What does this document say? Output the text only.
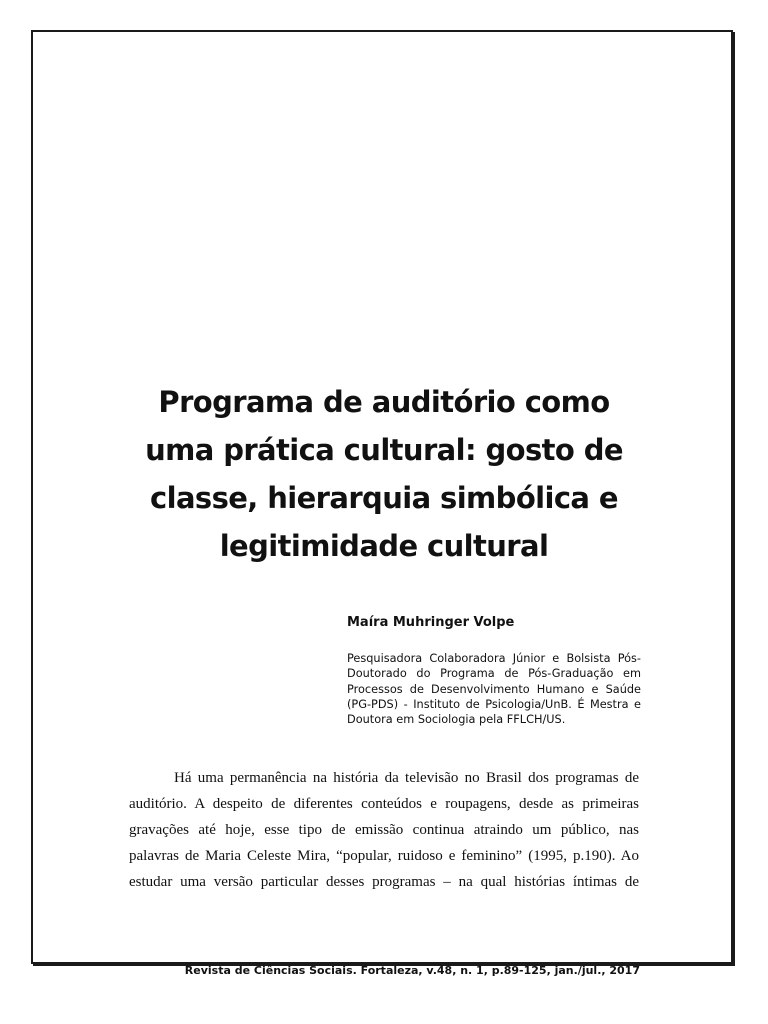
Programa de auditório como
uma prática cultural: gosto de
classe, hierarquia simbólica e
legitimidade cultural
Maíra Muhringer Volpe
Pesquisadora Colaboradora Júnior e Bolsista Pós-
Doutorado do Programa de Pós-Graduação em
Processos de Desenvolvimento Humano e Saúde
(PG-PDS) - Instituto de Psicologia/UnB. É Mestra e
Doutora em Sociologia pela FFLCH/US.
Há uma permanência na história da televisão no Brasil dos programas de
auditório. A despeito de diferentes conteúdos e roupagens, desde as primeiras
gravações até hoje, esse tipo de emissão continua atraindo um público, nas
palavras de Maria Celeste Mira, “popular, ruidoso e feminino” (1995, p.190). Ao
estudar uma versão particular desses programas – na qual histórias íntimas de
Revista de Ciências Sociais. Fortaleza, v.48, n. 1, p.89-125, jan./jul., 2017
